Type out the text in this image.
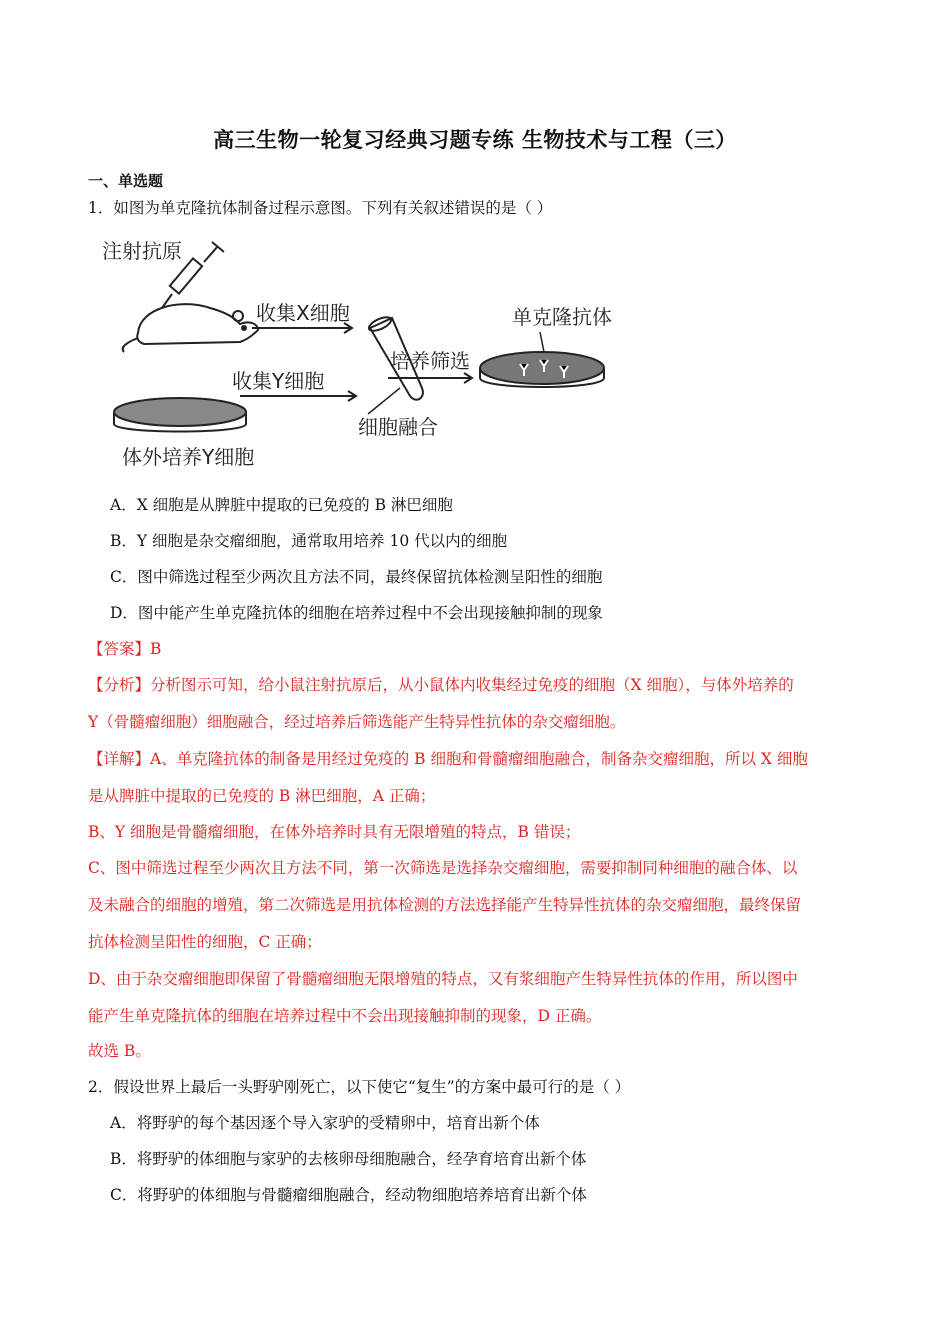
高三生物一轮复习经典习题专练 生物技术与工程（三）
一、单选题
1．如图为单克隆抗体制备过程示意图。下列有关叙述错误的是（ ）
注射抗原
收集X细胞
体外培养Y细胞
收集Y细胞
细胞融合
培养筛选
单克隆抗体
A．X 细胞是从脾脏中提取的已免疫的 B 淋巴细胞
B．Y 细胞是杂交瘤细胞，通常取用培养 10 代以内的细胞
C．图中筛选过程至少两次且方法不同，最终保留抗体检测呈阳性的细胞
D．图中能产生单克隆抗体的细胞在培养过程中不会出现接触抑制的现象
【答案】B
【分析】分析图示可知，给小鼠注射抗原后，从小鼠体内收集经过免疫的细胞（X 细胞），与体外培养的
Y（骨髓瘤细胞）细胞融合，经过培养后筛选能产生特异性抗体的杂交瘤细胞。
【详解】A、单克隆抗体的制备是用经过免疫的 B 细胞和骨髓瘤细胞融合，制备杂交瘤细胞，所以 X 细胞
是从脾脏中提取的已免疫的 B 淋巴细胞，A 正确；
B、Y 细胞是骨髓瘤细胞，在体外培养时具有无限增殖的特点，B 错误；
C、图中筛选过程至少两次且方法不同，第一次筛选是选择杂交瘤细胞，需要抑制同种细胞的融合体、以
及未融合的细胞的增殖，第二次筛选是用抗体检测的方法选择能产生特异性抗体的杂交瘤细胞，最终保留
抗体检测呈阳性的细胞，C 正确；
D、由于杂交瘤细胞即保留了骨髓瘤细胞无限增殖的特点，又有浆细胞产生特异性抗体的作用，所以图中
能产生单克隆抗体的细胞在培养过程中不会出现接触抑制的现象，D 正确。
故选 B。
2．假设世界上最后一头野驴刚死亡，以下使它“复生”的方案中最可行的是（ ）
A．将野驴的每个基因逐个导入家驴的受精卵中，培育出新个体
B．将野驴的体细胞与家驴的去核卵母细胞融合，经孕育培育出新个体
C．将野驴的体细胞与骨髓瘤细胞融合，经动物细胞培养培育出新个体
